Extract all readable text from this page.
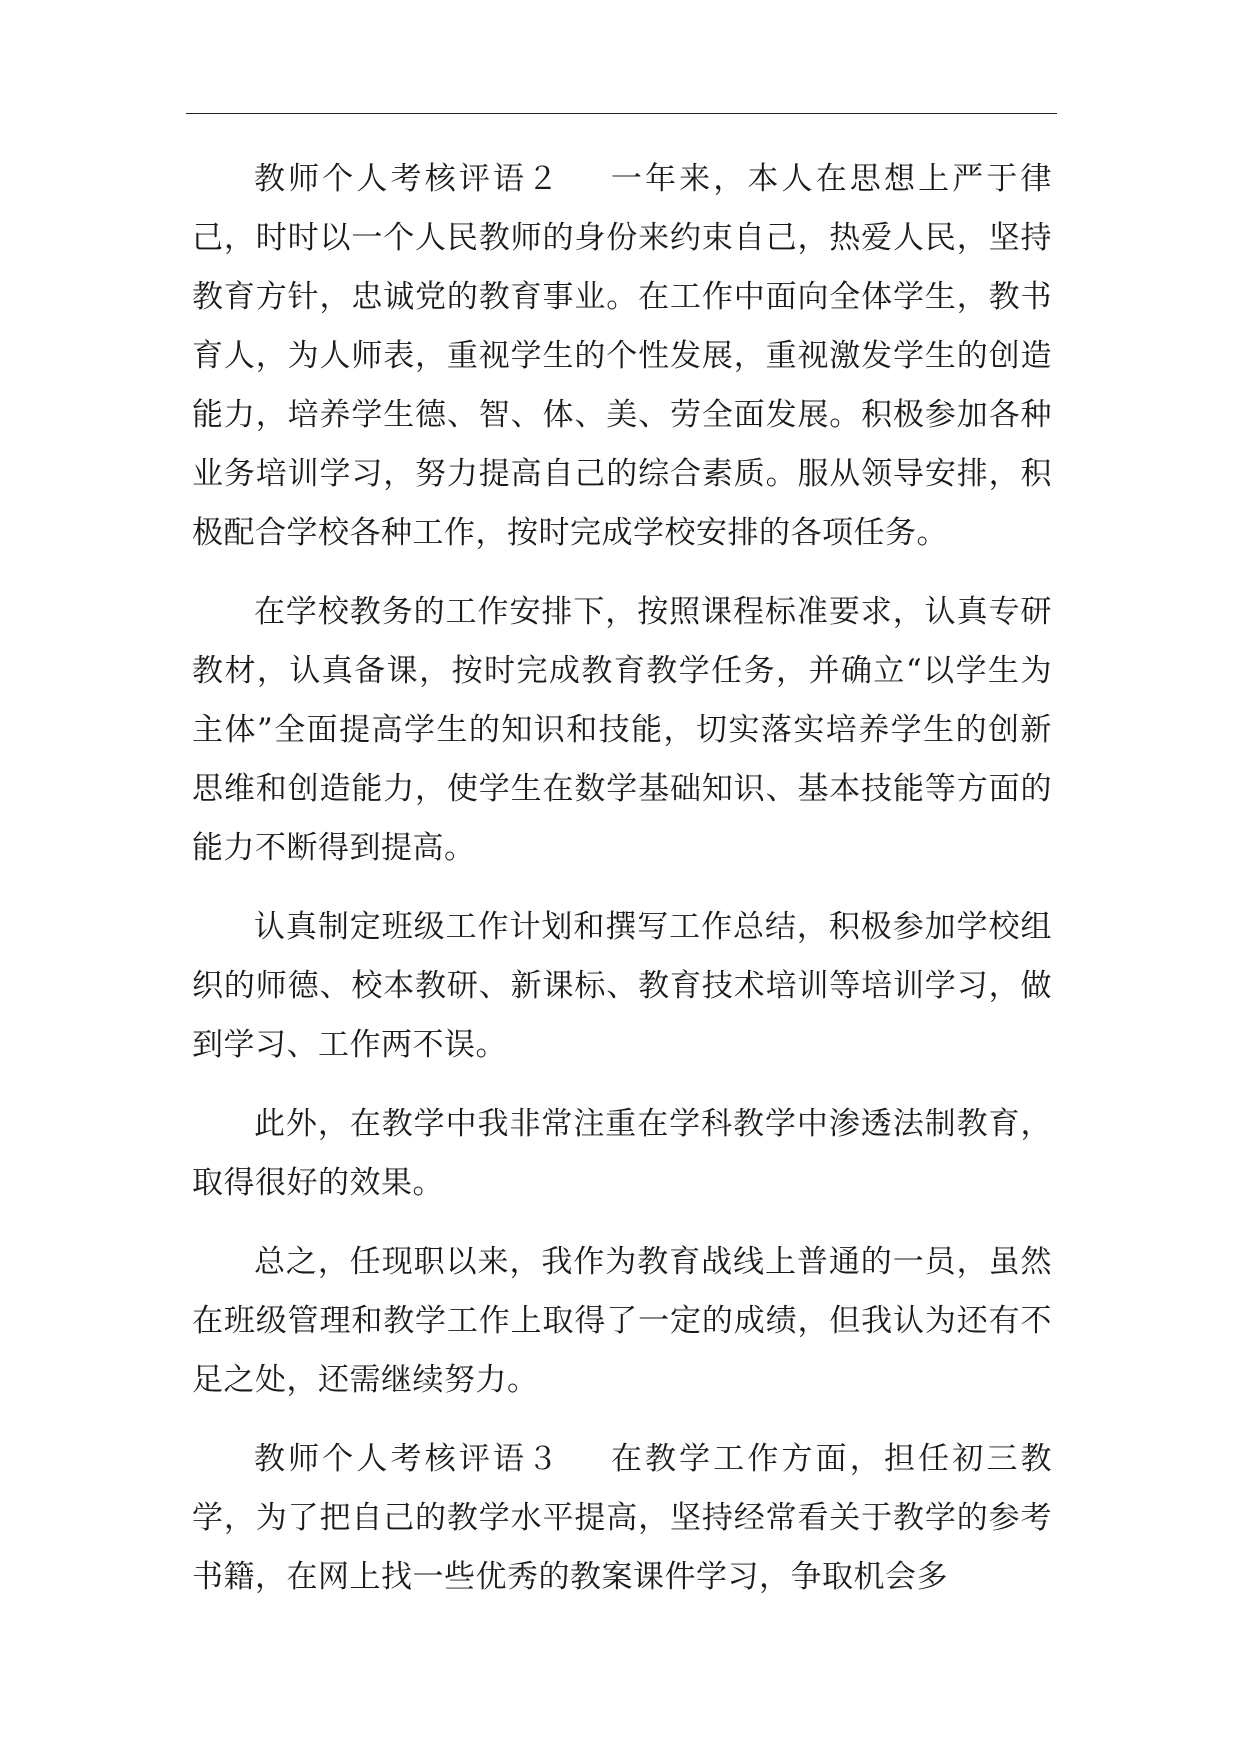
教师个人考核评语２ 一年来，本人在思想上严于律己，时时以一个人民教师的身份来约束自己，热爱人民，坚持教育方针，忠诚党的教育事业。在工作中面向全体学生，教书育人，为人师表，重视学生的个性发展，重视激发学生的创造能力，培养学生德、智、体、美、劳全面发展。积极参加各种业务培训学习，努力提高自己的综合素质。服从领导安排，积极配合学校各种工作，按时完成学校安排的各项任务。

在学校教务的工作安排下，按照课程标准要求，认真专研教材，认真备课，按时完成教育教学任务，并确立“以学生为主体”全面提高学生的知识和技能，切实落实培养学生的创新思维和创造能力，使学生在数学基础知识、基本技能等方面的能力不断得到提高。

认真制定班级工作计划和撰写工作总结，积极参加学校组织的师德、校本教研、新课标、教育技术培训等培训学习，做到学习、工作两不误。

此外，在教学中我非常注重在学科教学中渗透法制教育，取得很好的效果。

总之，任现职以来，我作为教育战线上普通的一员，虽然在班级管理和教学工作上取得了一定的成绩，但我认为还有不足之处，还需继续努力。

教师个人考核评语３ 在教学工作方面，担任初三教学，为了把自己的教学水平提高，坚持经常看关于教学的参考书籍，在网上找一些优秀的教案课件学习，争取机会多
